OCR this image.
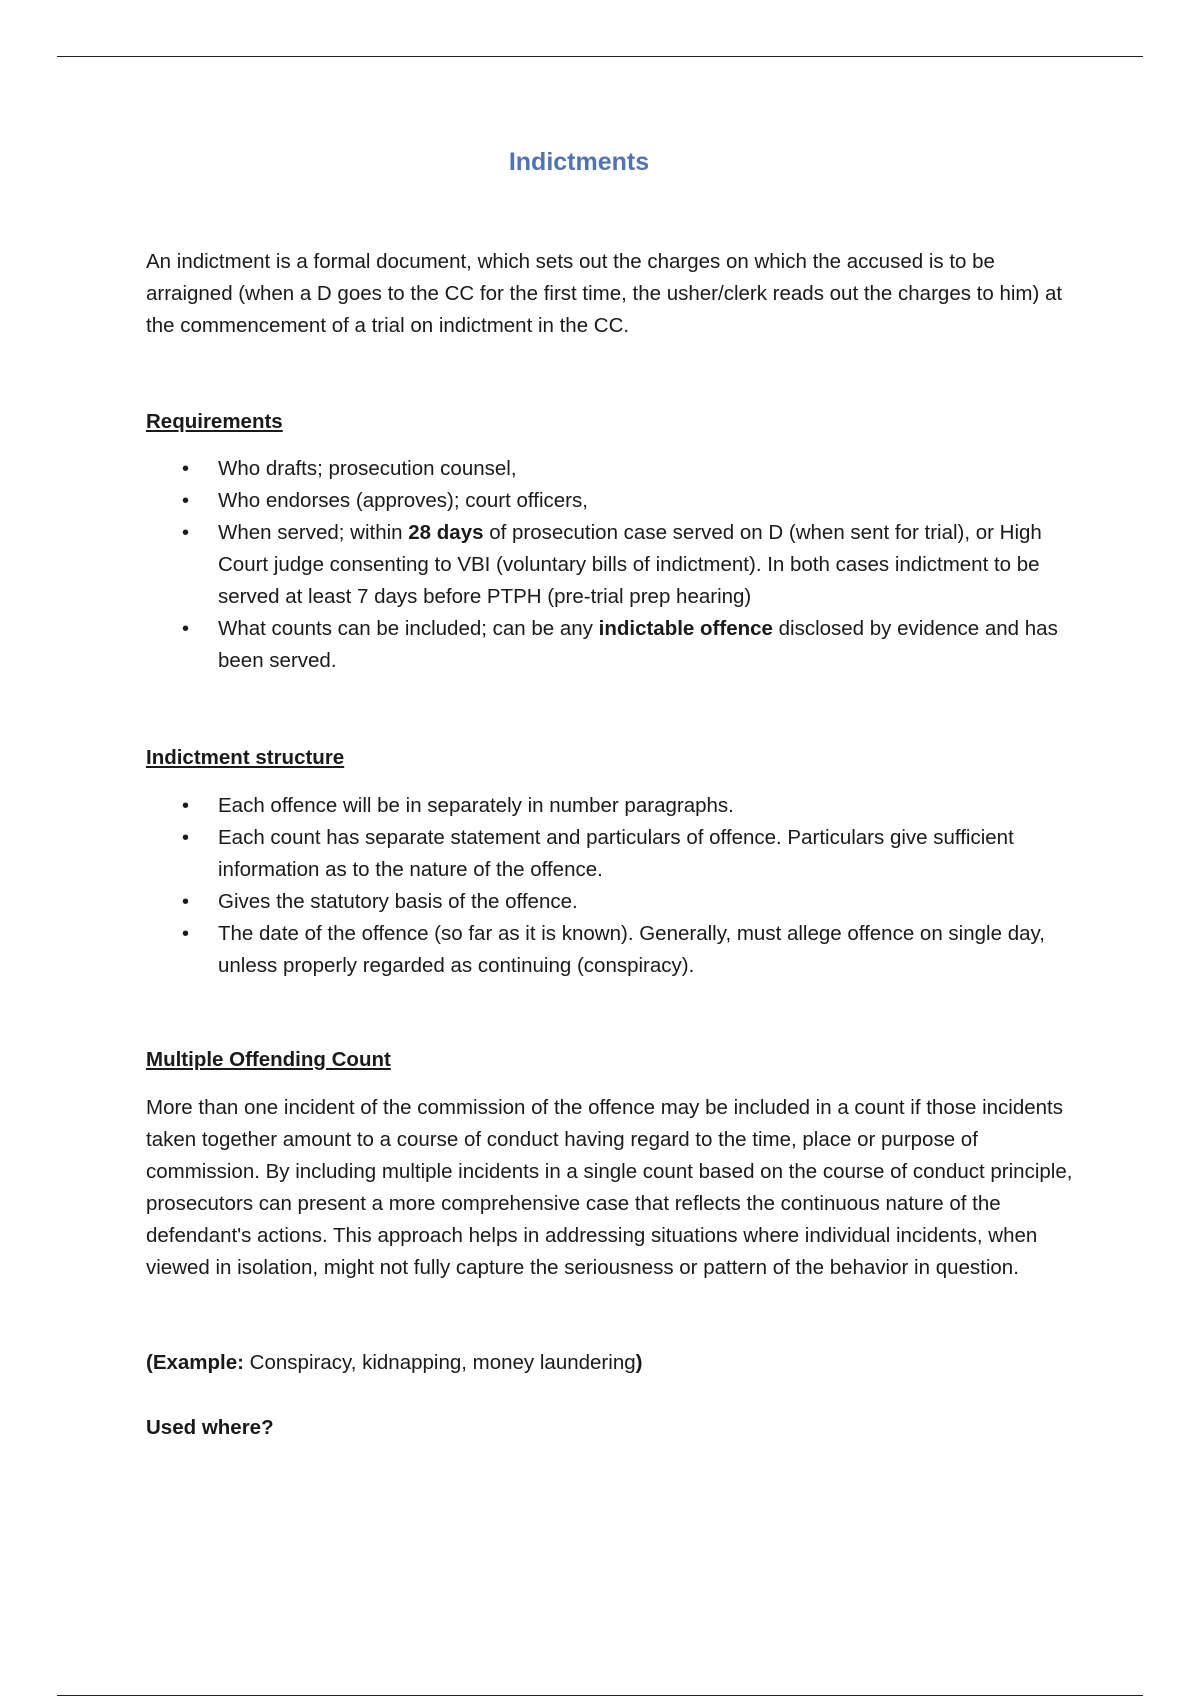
Indictments

An indictment is a formal document, which sets out the charges on which the accused is to be arraigned (when a D goes to the CC for the first time, the usher/clerk reads out the charges to him) at the commencement of a trial on indictment in the CC.

Requirements

• Who drafts; prosecution counsel,
• Who endorses (approves); court officers,
• When served; within 28 days of prosecution case served on D (when sent for trial), or High Court judge consenting to VBI (voluntary bills of indictment). In both cases indictment to be served at least 7 days before PTPH (pre-trial prep hearing)
• What counts can be included; can be any indictable offence disclosed by evidence and has been served.

Indictment structure

• Each offence will be in separately in number paragraphs.
• Each count has separate statement and particulars of offence. Particulars give sufficient information as to the nature of the offence.
• Gives the statutory basis of the offence.
• The date of the offence (so far as it is known). Generally, must allege offence on single day, unless properly regarded as continuing (conspiracy).

Multiple Offending Count

More than one incident of the commission of the offence may be included in a count if those incidents taken together amount to a course of conduct having regard to the time, place or purpose of commission. By including multiple incidents in a single count based on the course of conduct principle, prosecutors can present a more comprehensive case that reflects the continuous nature of the defendant's actions. This approach helps in addressing situations where individual incidents, when viewed in isolation, might not fully capture the seriousness or pattern of the behavior in question.

(Example: Conspiracy, kidnapping, money laundering)

Used where?
